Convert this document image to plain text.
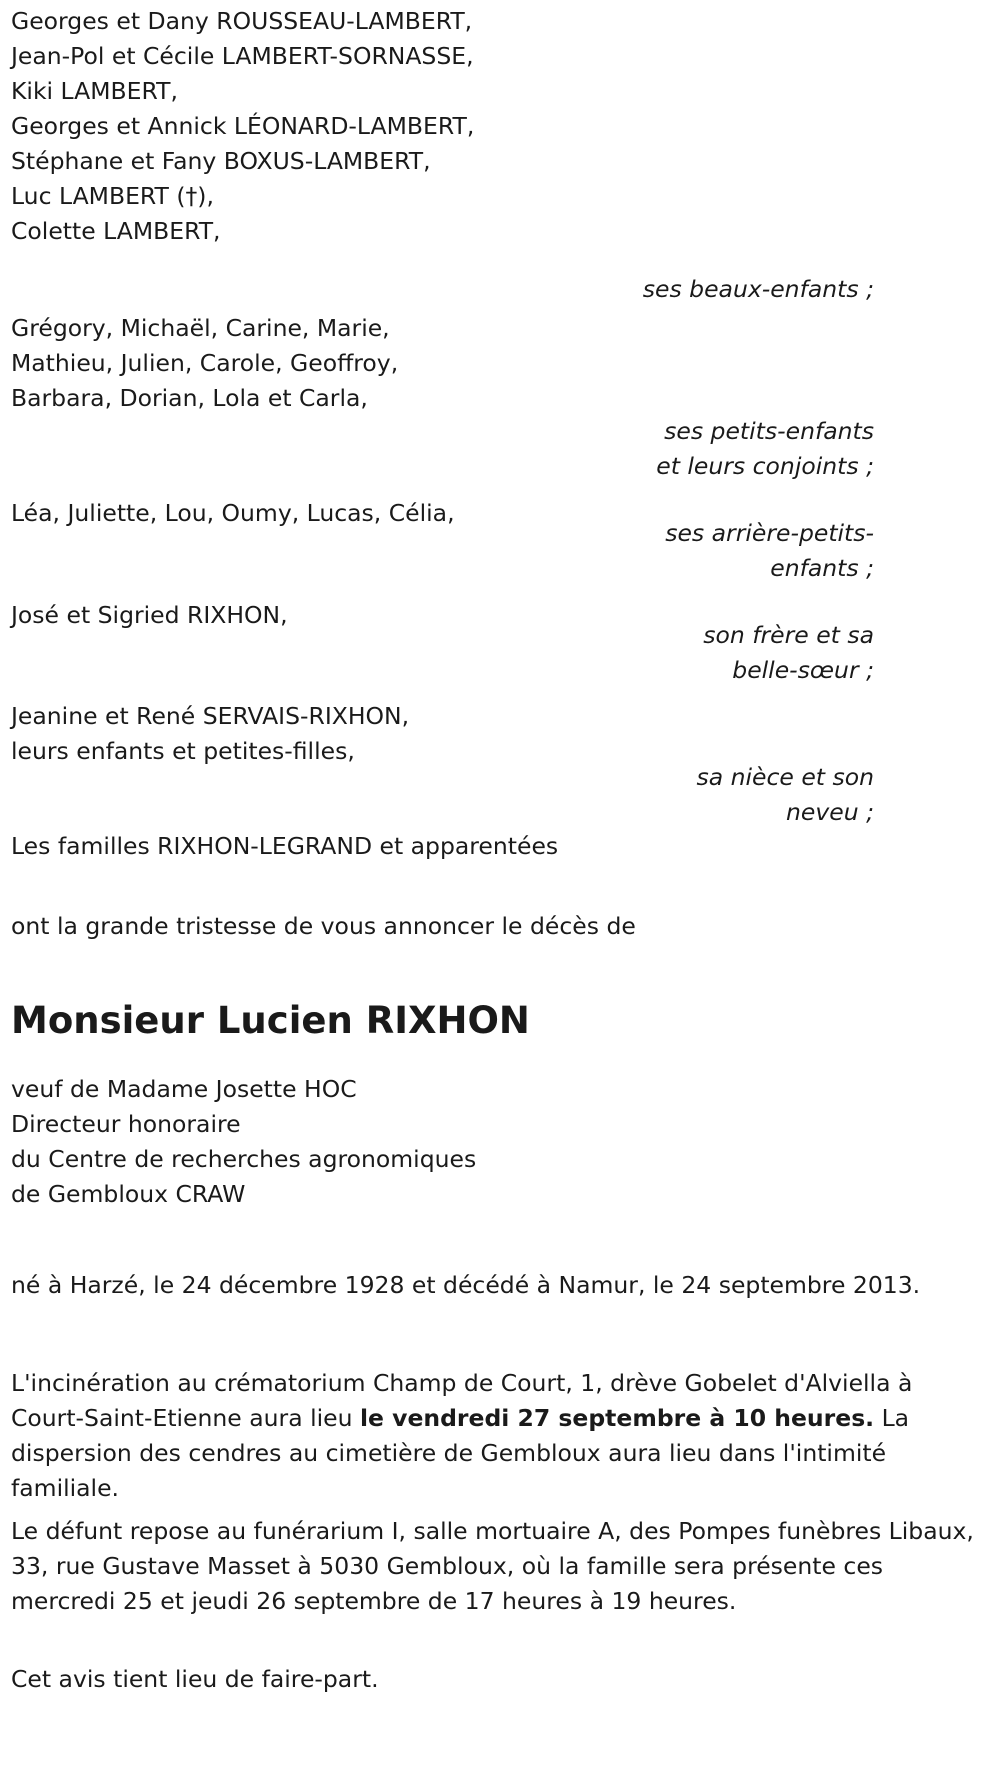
Georges et Dany ROUSSEAU-LAMBERT,
Jean-Pol et Cécile LAMBERT-SORNASSE,
Kiki LAMBERT,
Georges et Annick LÉONARD-LAMBERT,
Stéphane et Fany BOXUS-LAMBERT,
Luc LAMBERT (†),
Colette LAMBERT,
ses beaux-enfants ;
Grégory, Michaël, Carine, Marie,
Mathieu, Julien, Carole, Geoffroy,
Barbara, Dorian, Lola et Carla,
ses petits-enfants
et leurs conjoints ;
Léa, Juliette, Lou, Oumy, Lucas, Célia,
ses arrière-petits-
enfants ;
José et Sigried RIXHON,
son frère et sa
belle-sœur ;
Jeanine et René SERVAIS-RIXHON,
leurs enfants et petites-filles,
sa nièce et son
neveu ;
Les familles RIXHON-LEGRAND et apparentées
ont la grande tristesse de vous annoncer le décès de
Monsieur Lucien RIXHON
veuf de Madame Josette HOC
Directeur honoraire
du Centre de recherches agronomiques
de Gembloux CRAW
né à Harzé, le 24 décembre 1928 et décédé à Namur, le 24 septembre 2013.
L'incinération au crématorium Champ de Court, 1, drève Gobelet d'Alviella à Court-Saint-Etienne aura lieu le vendredi 27 septembre à 10 heures. La dispersion des cendres au cimetière de Gembloux aura lieu dans l'intimité familiale.
Le défunt repose au funérarium I, salle mortuaire A, des Pompes funèbres Libaux, 33, rue Gustave Masset à 5030 Gembloux, où la famille sera présente ces mercredi 25 et jeudi 26 septembre de 17 heures à 19 heures.
Cet avis tient lieu de faire-part.
